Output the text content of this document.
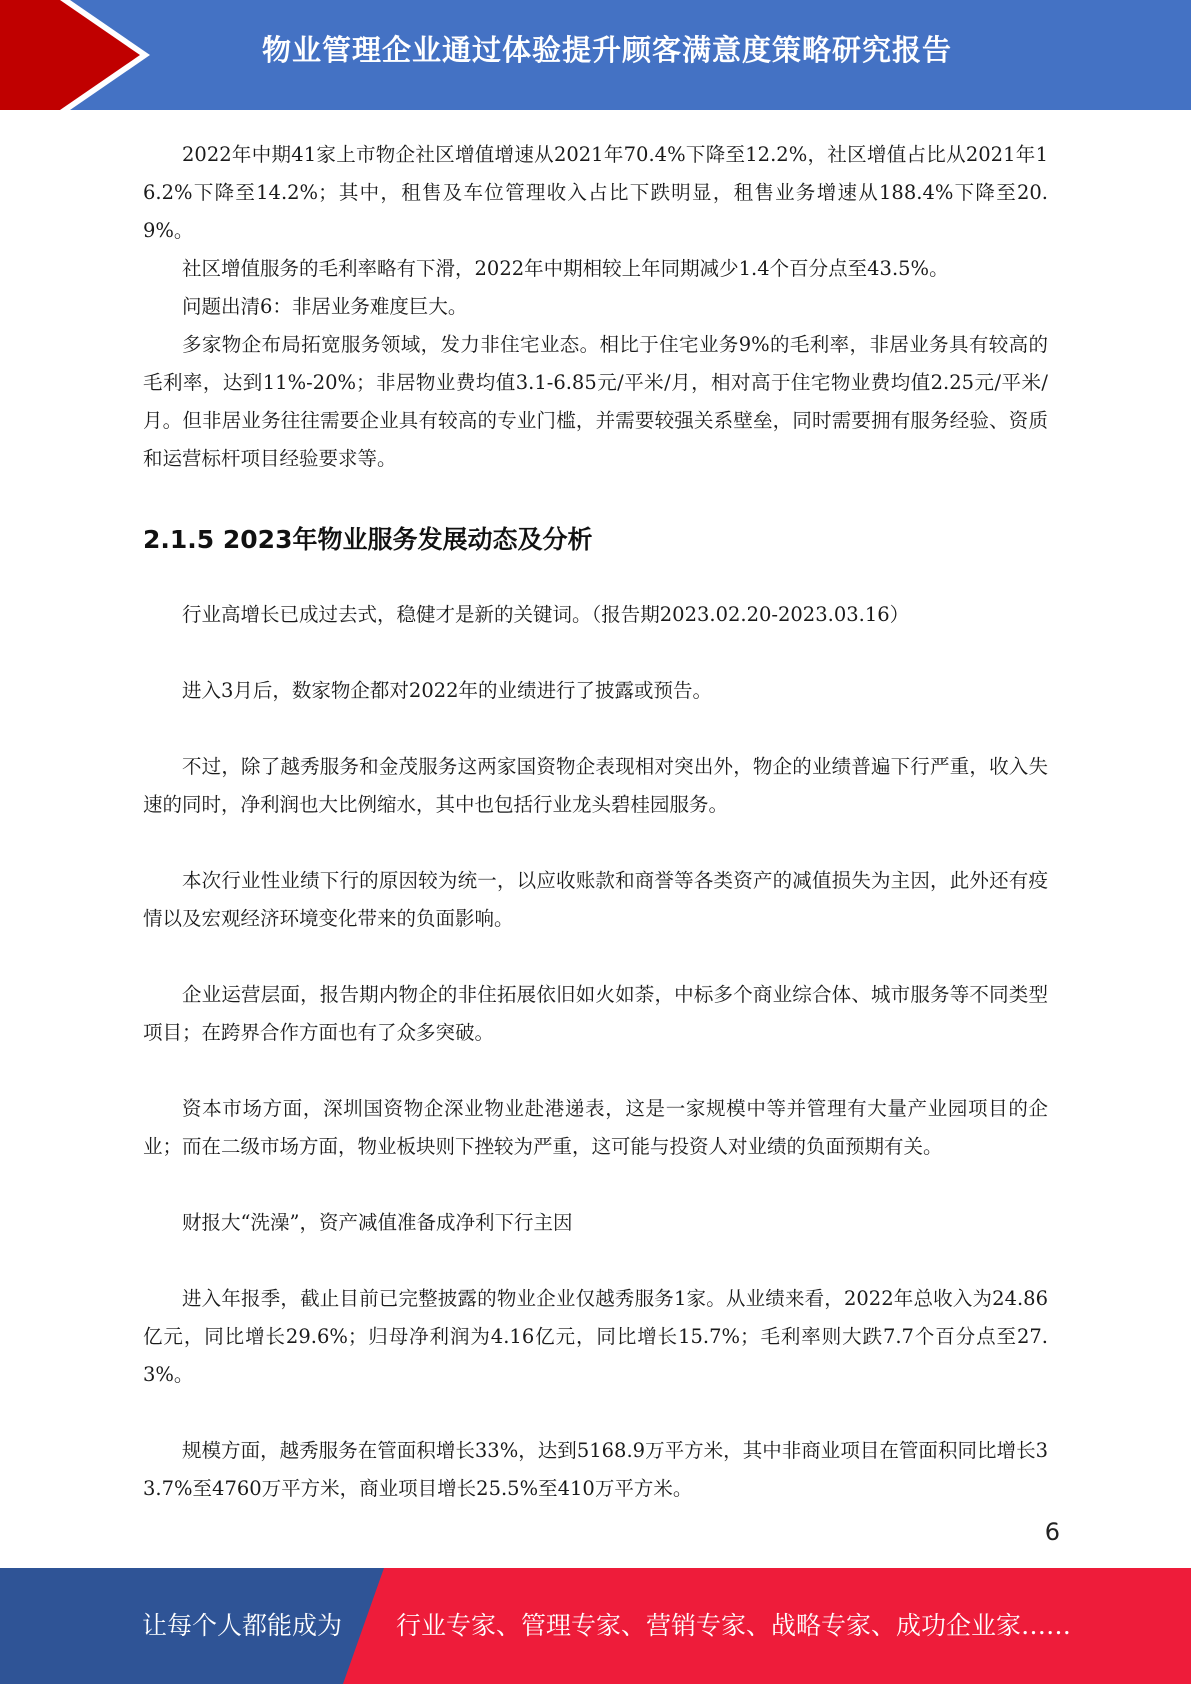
物业管理企业通过体验提升顾客满意度策略研究报告

2022年中期41家上市物企社区增值增速从2021年70.4%下降至12.2%，社区增值占比从2021年16.2%下降至14.2%；其中，租售及车位管理收入占比下跌明显，租售业务增速从188.4%下降至20.9%。

社区增值服务的毛利率略有下滑，2022年中期相较上年同期减少1.4个百分点至43.5%。

问题出清6：非居业务难度巨大。

多家物企布局拓宽服务领域，发力非住宅业态。相比于住宅业务9%的毛利率，非居业务具有较高的毛利率，达到11%-20%；非居物业费均值3.1-6.85元/平米/月，相对高于住宅物业费均值2.25元/平米/月。但非居业务往往需要企业具有较高的专业门槛，并需要较强关系壁垒，同时需要拥有服务经验、资质和运营标杆项目经验要求等。

2.1.5 2023年物业服务发展动态及分析

行业高增长已成过去式，稳健才是新的关键词。（报告期2023.02.20-2023.03.16）

进入3月后，数家物企都对2022年的业绩进行了披露或预告。

不过，除了越秀服务和金茂服务这两家国资物企表现相对突出外，物企的业绩普遍下行严重，收入失速的同时，净利润也大比例缩水，其中也包括行业龙头碧桂园服务。

本次行业性业绩下行的原因较为统一，以应收账款和商誉等各类资产的减值损失为主因，此外还有疫情以及宏观经济环境变化带来的负面影响。

企业运营层面，报告期内物企的非住拓展依旧如火如荼，中标多个商业综合体、城市服务等不同类型项目；在跨界合作方面也有了众多突破。

资本市场方面，深圳国资物企深业物业赴港递表，这是一家规模中等并管理有大量产业园项目的企业；而在二级市场方面，物业板块则下挫较为严重，这可能与投资人对业绩的负面预期有关。

财报大“洗澡”，资产减值准备成净利下行主因

进入年报季，截止目前已完整披露的物业企业仅越秀服务1家。从业绩来看，2022年总收入为24.86亿元，同比增长29.6%；归母净利润为4.16亿元，同比增长15.7%；毛利率则大跌7.7个百分点至27.3%。

规模方面，越秀服务在管面积增长33%，达到5168.9万平方米，其中非商业项目在管面积同比增长33.7%至4760万平方米，商业项目增长25.5%至410万平方米。

6
让每个人都能成为 行业专家、管理专家、营销专家、战略专家、成功企业家……
